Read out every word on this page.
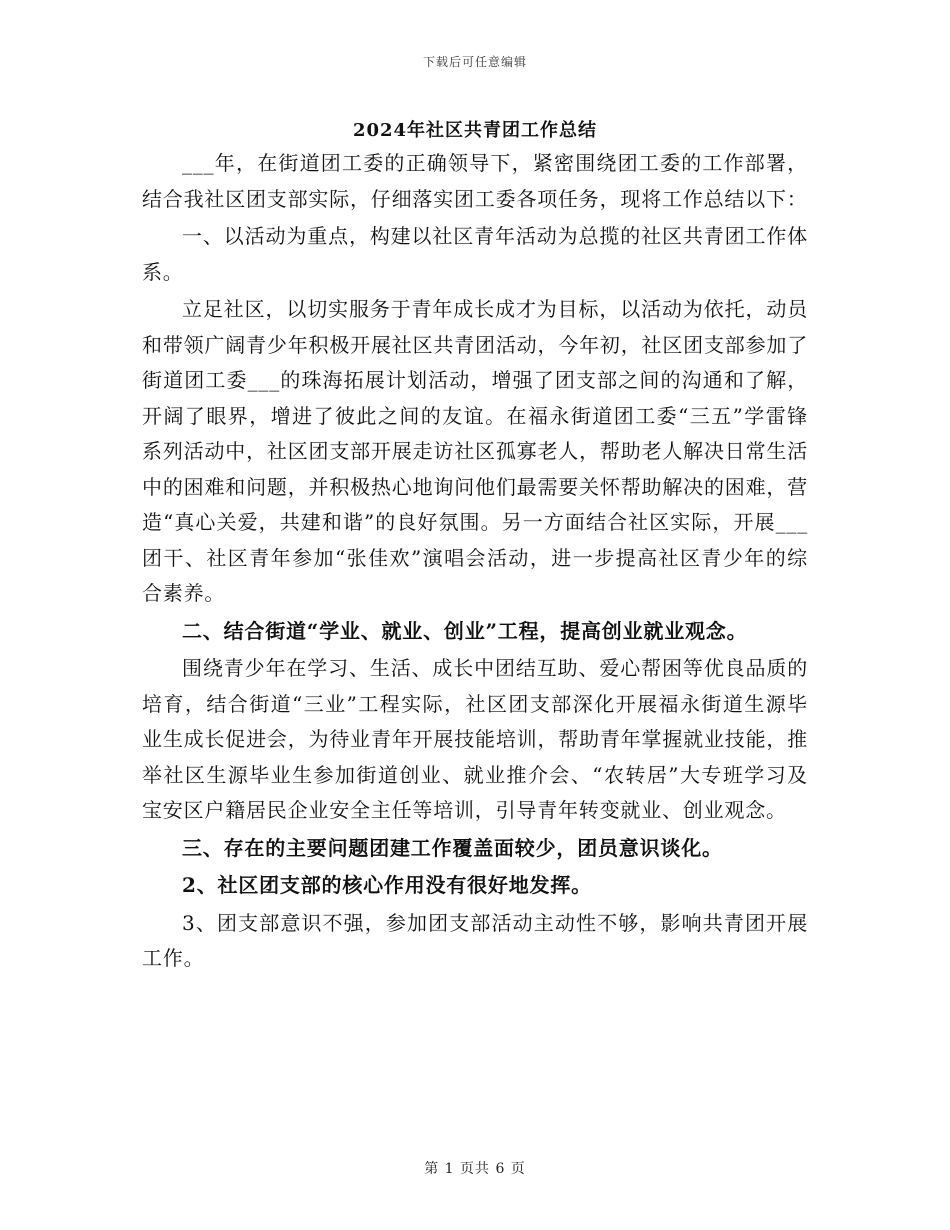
下载后可任意编辑
2024年社区共青团工作总结

___年，在街道团工委的正确领导下，紧密围绕团工委的工作部署，结合我社区团支部实际，仔细落实团工委各项任务，现将工作总结以下：

一、以活动为重点，构建以社区青年活动为总揽的社区共青团工作体系。

立足社区，以切实服务于青年成长成才为目标，以活动为依托，动员和带领广阔青少年积极开展社区共青团活动，今年初，社区团支部参加了街道团工委___的珠海拓展计划活动，增强了团支部之间的沟通和了解，开阔了眼界，增进了彼此之间的友谊。在福永街道团工委“三五”学雷锋系列活动中，社区团支部开展走访社区孤寡老人，帮助老人解决日常生活中的困难和问题，并积极热心地询问他们最需要关怀帮助解决的困难，营造“真心关爱，共建和谐”的良好氛围。另一方面结合社区实际，开展___团干、社区青年参加“张佳欢”演唱会活动，进一步提高社区青少年的综合素养。

二、结合街道“学业、就业、创业”工程，提高创业就业观念。

围绕青少年在学习、生活、成长中团结互助、爱心帮困等优良品质的培育，结合街道“三业”工程实际，社区团支部深化开展福永街道生源毕业生成长促进会，为待业青年开展技能培训，帮助青年掌握就业技能，推举社区生源毕业生参加街道创业、就业推介会、“农转居”大专班学习及宝安区户籍居民企业安全主任等培训，引导青年转变就业、创业观念。

三、存在的主要问题团建工作覆盖面较少，团员意识谈化。

2、社区团支部的核心作用没有很好地发挥。

3、团支部意识不强，参加团支部活动主动性不够，影响共青团开展工作。

第 1 页共 6 页
